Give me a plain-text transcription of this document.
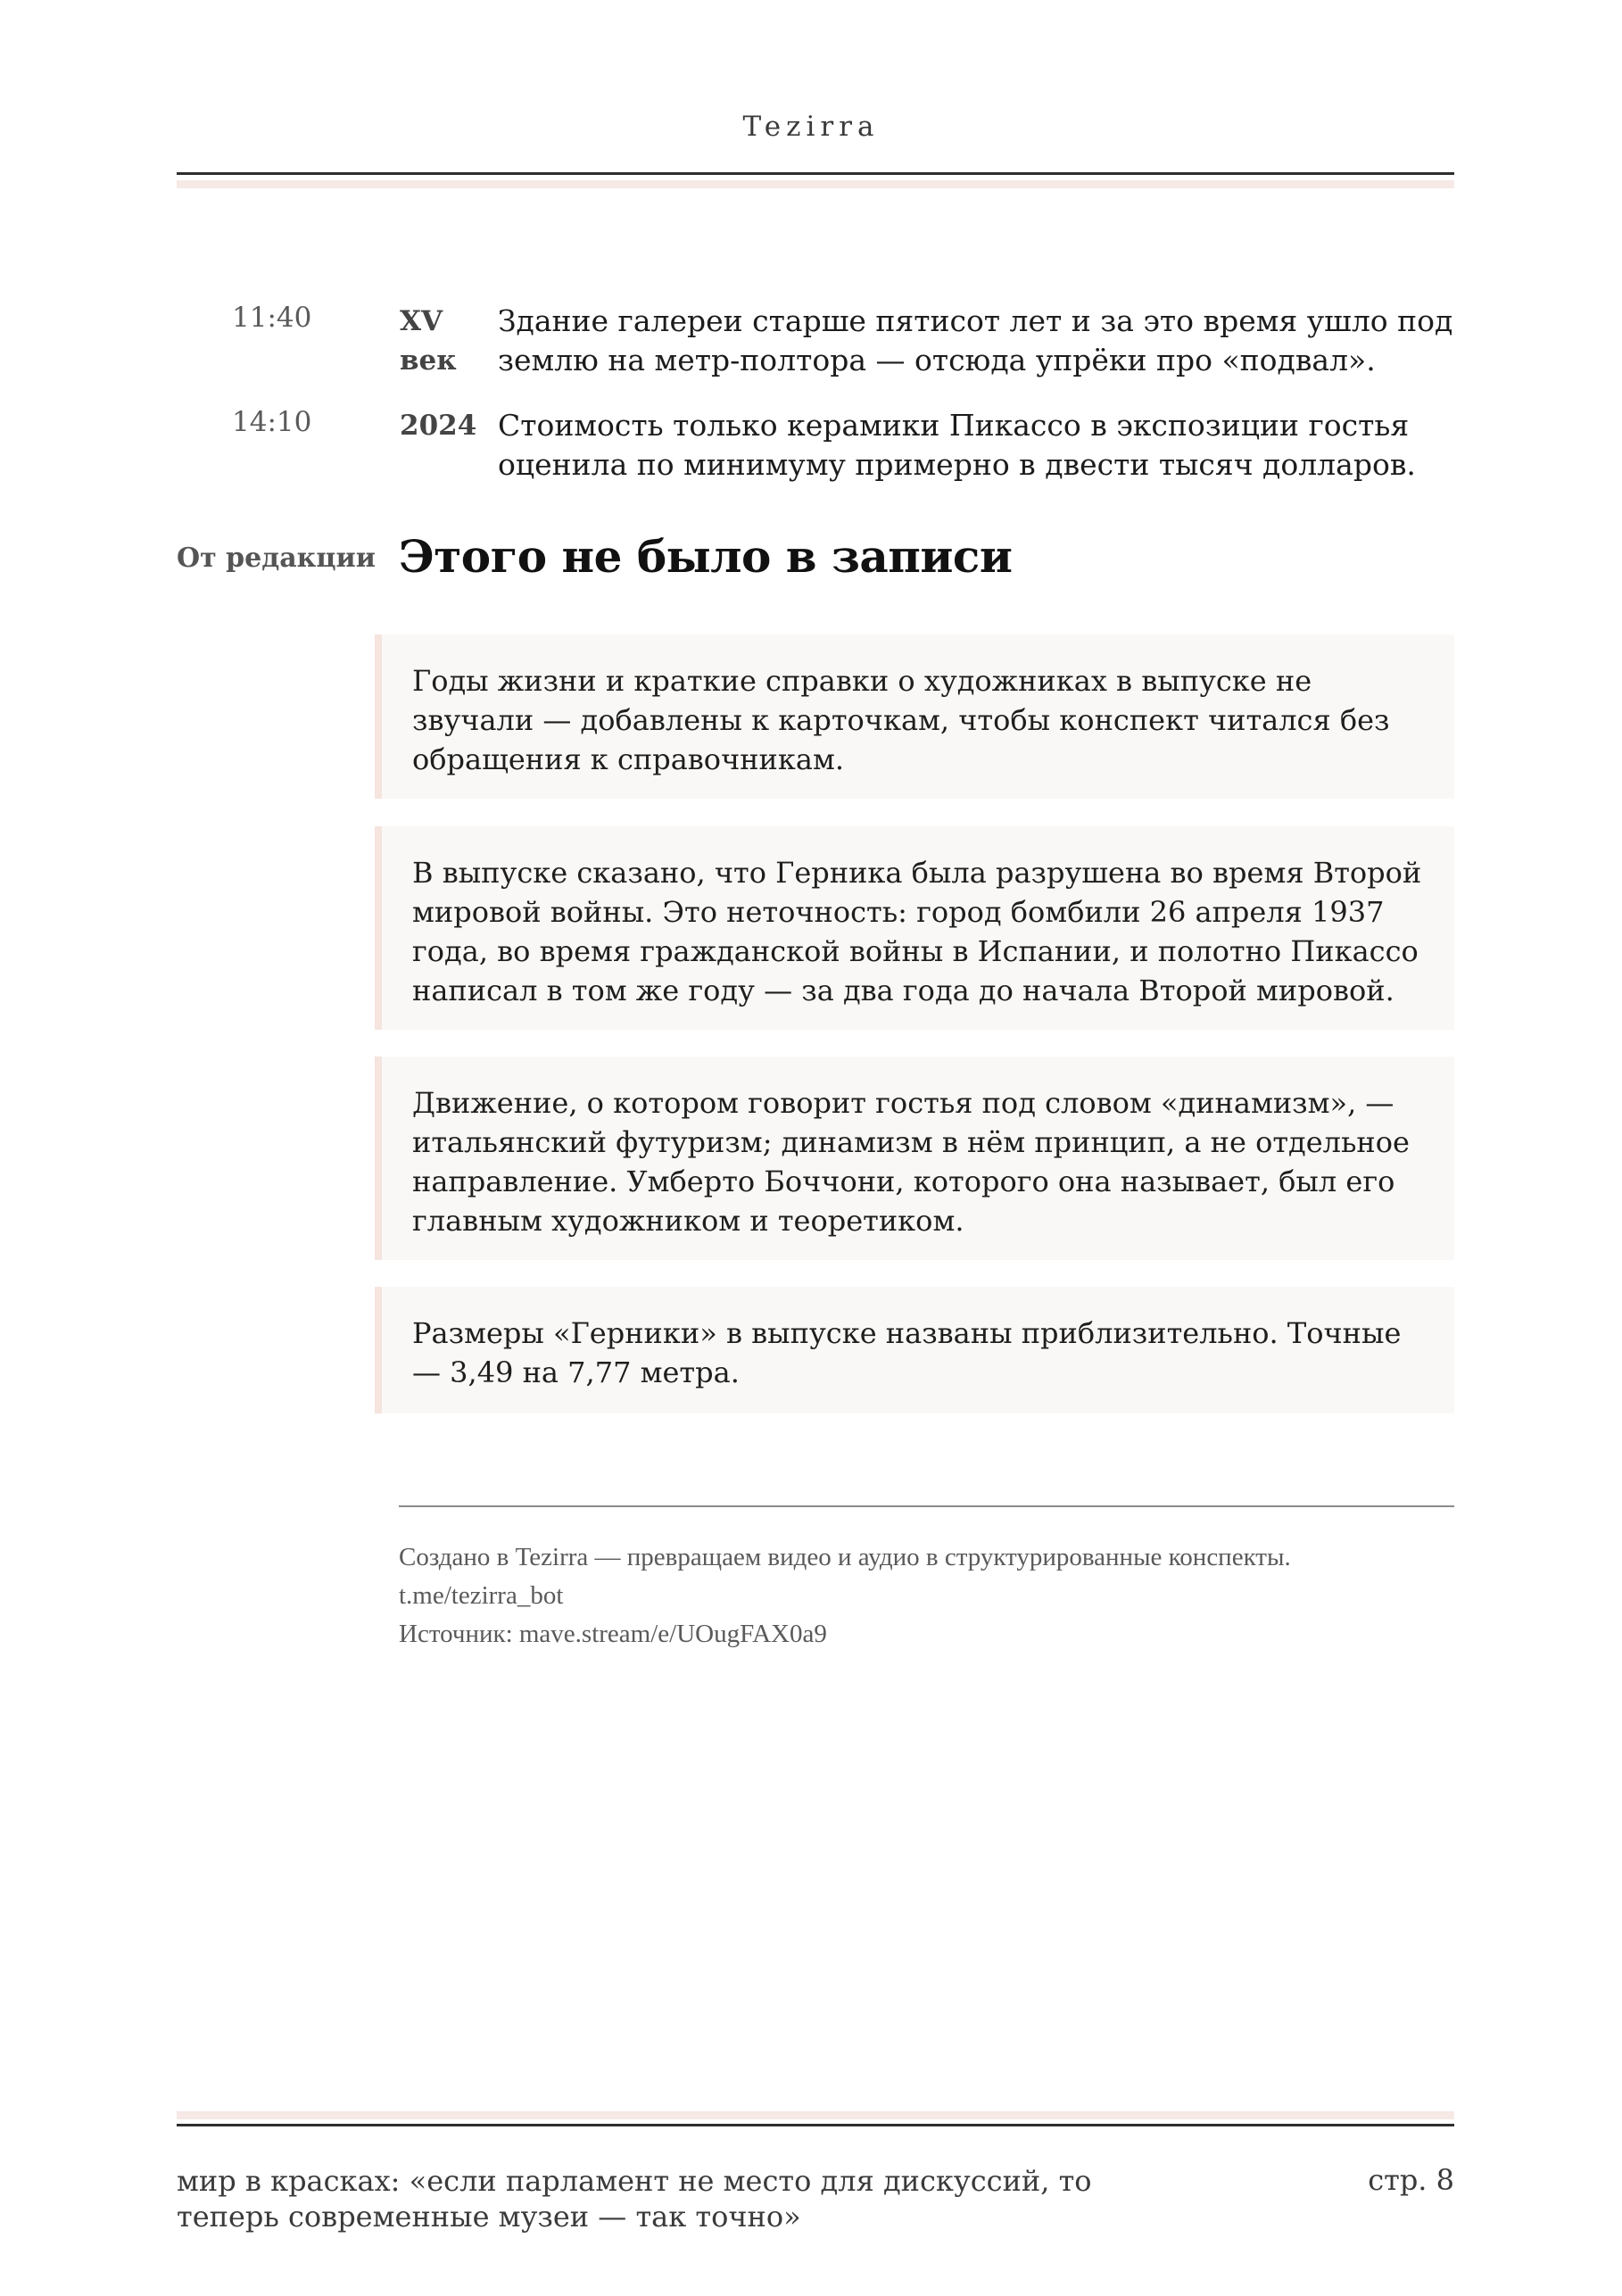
Tezirra
11:40	XV век
Здание галереи старше пятисот лет и за это время ушло под землю на метр-полтора — отсюда упрёки про «подвал».
14:10	2024 Стоимость только керамики Пикассо в экспозиции гостья оценила по минимуму примерно в двести тысяч долларов.
От редакции Этого не было в записи
Годы жизни и краткие справки о художниках в выпуске не звучали — добавлены к карточкам, чтобы конспект читался без обращения к справочникам.
В выпуске сказано, что Герника была разрушена во время Второй мировой войны. Это неточность: город бомбили 26 апреля 1937 года, во время гражданской войны в Испании, и полотно Пикассо написал в том же году — за два года до начала Второй мировой.
Движение, о котором говорит гостья под словом «динамизм», — итальянский футуризм; динамизм в нём принцип, а не отдельное направление. Умберто Боччони, которого она называет, был его главным художником и теоретиком.
Размеры «Герники» в выпуске названы приблизительно. Точные — 3,49 на 7,77 метра.
Создано в Tezirra — превращаем видео и аудио в структурированные конспекты.
t.me/tezirra_bot
Источник: mave.stream/e/UOugFAX0a9
мир в красках: «если парламент не место для дискуссий, то теперь современные музеи — так точно»
стр. 8
